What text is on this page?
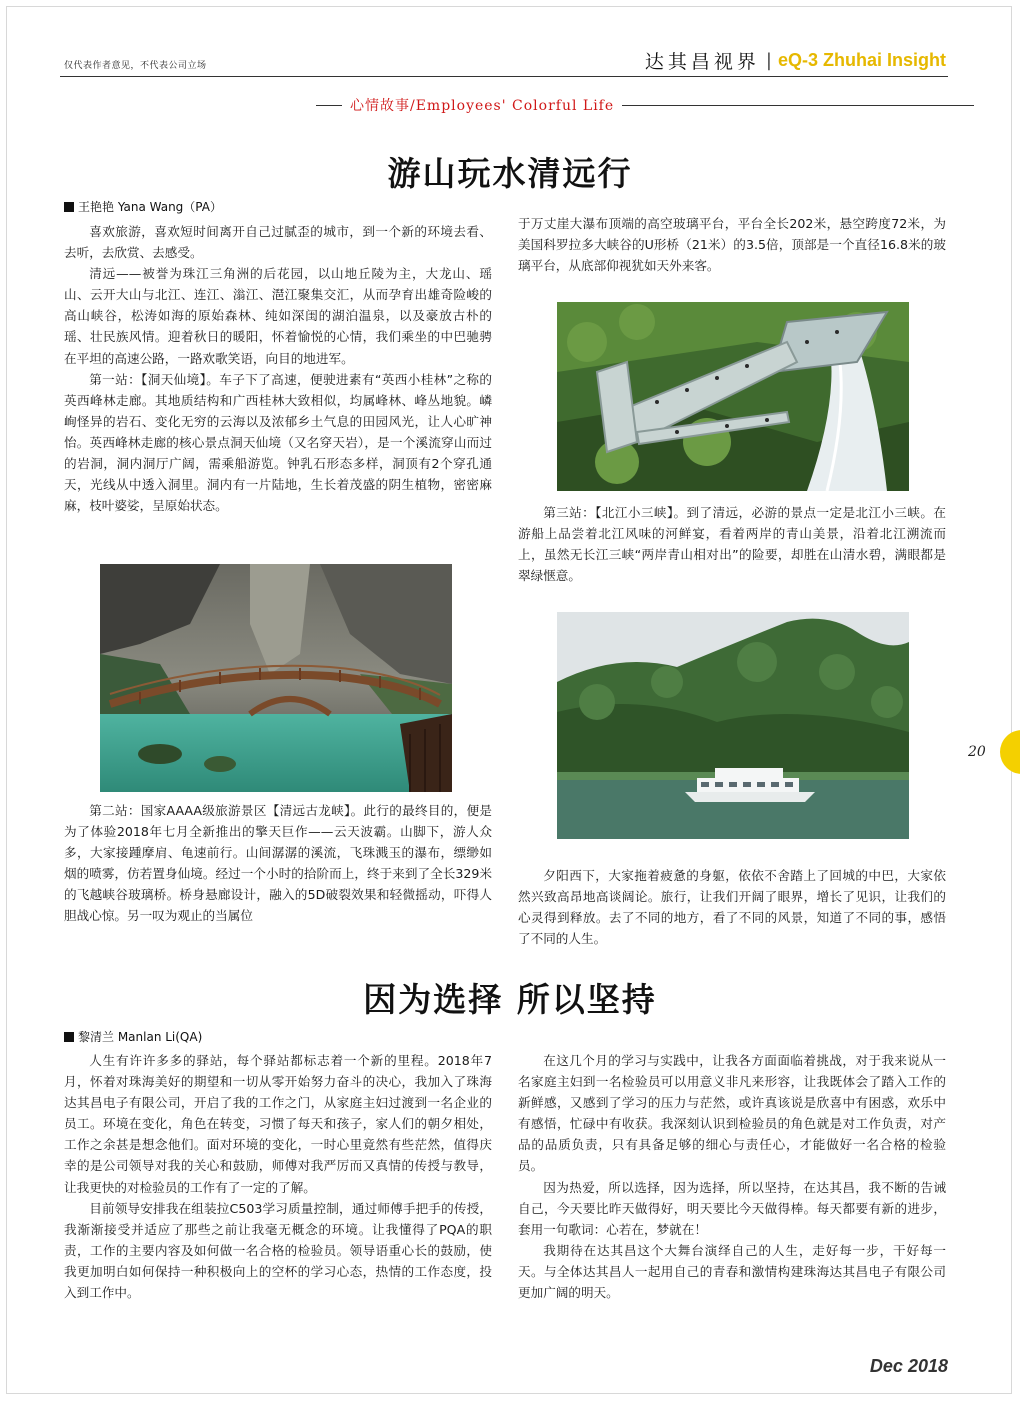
仅代表作者意见，不代表公司立场	达其昌视界 | eQ-3 Zhuhai Insight
心情故事/Employees' Colorful Life
游山玩水清远行
王艳艳 Yana Wang（PA）

喜欢旅游，喜欢短时间离开自己过腻歪的城市，到一个新的环境去看、去听，去欣赏、去感受。

清远——被誉为珠江三角洲的后花园，以山地丘陵为主，大龙山、瑶山、云开大山与北江、连江、滃江、潖江聚集交汇，从而孕育出雄奇险峻的高山峡谷，松涛如海的原始森林、纯如深闺的湖泊温泉，以及豪放古朴的瑶、壮民族风情。迎着秋日的暖阳，怀着愉悦的心情，我们乘坐的中巴驰骋在平坦的高速公路，一路欢歌笑语，向目的地进军。

第一站：【洞天仙境】。车子下了高速，便驶进素有“英西小桂林”之称的英西峰林走廊。其地质结构和广西桂林大致相似，均属峰林、峰丛地貌。嶙峋怪异的岩石、变化无穷的云海以及浓郁乡土气息的田园风光，让人心旷神怡。英西峰林走廊的核心景点洞天仙境（又名穿天岩），是一个溪流穿山而过的岩洞，洞内洞厅广阔，需乘船游览。钟乳石形态多样，洞顶有2个穿孔通天，光线从中透入洞里。洞内有一片陆地，生长着茂盛的阴生植物，密密麻麻，枝叶婆娑，呈原始状态。

第二站：国家AAAA级旅游景区【清远古龙峡】。此行的最终目的，便是为了体验2018年七月全新推出的擎天巨作——云天波霸。山脚下，游人众多，大家接踵摩肩、龟速前行。山间潺潺的溪流，飞珠溅玉的瀑布，缥缈如烟的喷雾，仿若置身仙境。经过一个小时的拾阶而上，终于来到了全长329米的飞越峡谷玻璃桥。桥身悬廊设计，融入的5D破裂效果和轻微摇动，吓得人胆战心惊。另一叹为观止的当属位

于万丈崖大瀑布顶端的高空玻璃平台，平台全长202米，悬空跨度72米，为美国科罗拉多大峡谷的U形桥（21米）的3.5倍，顶部是一个直径16.8米的玻璃平台，从底部仰视犹如天外来客。

第三站：【北江小三峡】。到了清远，必游的景点一定是北江小三峡。在游船上品尝着北江风味的河鲜宴，看着两岸的青山美景，沿着北江溯流而上，虽然无长江三峡“两岸青山相对出”的险要，却胜在山清水碧，满眼都是翠绿惬意。

夕阳西下，大家拖着疲惫的身躯，依依不舍踏上了回城的中巴，大家依然兴致高昂地高谈阔论。旅行，让我们开阔了眼界，增长了见识，让我们的心灵得到释放。去了不同的地方，看了不同的风景，知道了不同的事，感悟了不同的人生。

因为选择 所以坚持
黎清兰 Manlan Li(QA)

人生有许许多多的驿站，每个驿站都标志着一个新的里程。2018年7月，怀着对珠海美好的期望和一切从零开始努力奋斗的决心，我加入了珠海达其昌电子有限公司，开启了我的工作之门，从家庭主妇过渡到一名企业的员工。环境在变化，角色在转变，习惯了每天和孩子，家人们的朝夕相处，工作之余甚是想念他们。面对环境的变化，一时心里竟然有些茫然，值得庆幸的是公司领导对我的关心和鼓励，师傅对我严厉而又真情的传授与教导，让我更快的对检验员的工作有了一定的了解。

目前领导安排我在组装拉C503学习质量控制，通过师傅手把手的传授，我渐渐接受并适应了那些之前让我毫无概念的环境。让我懂得了PQA的职责，工作的主要内容及如何做一名合格的检验员。领导语重心长的鼓励，使我更加明白如何保持一种积极向上的空杯的学习心态，热情的工作态度，投入到工作中。

在这几个月的学习与实践中，让我各方面面临着挑战，对于我来说从一名家庭主妇到一名检验员可以用意义非凡来形容，让我既体会了踏入工作的新鲜感，又感到了学习的压力与茫然，或许真该说是欣喜中有困惑，欢乐中有感悟，忙碌中有收获。我深刻认识到检验员的角色就是对工作负责，对产品的品质负责，只有具备足够的细心与责任心，才能做好一名合格的检验员。

因为热爱，所以选择，因为选择，所以坚持，在达其昌，我不断的告诫自己，今天要比昨天做得好，明天要比今天做得棒。每天都要有新的进步，套用一句歌词：心若在，梦就在！

我期待在达其昌这个大舞台演绎自己的人生，走好每一步，干好每一天。与全体达其昌人一起用自己的青春和激情构建珠海达其昌电子有限公司更加广阔的明天。

20
Dec 2018
